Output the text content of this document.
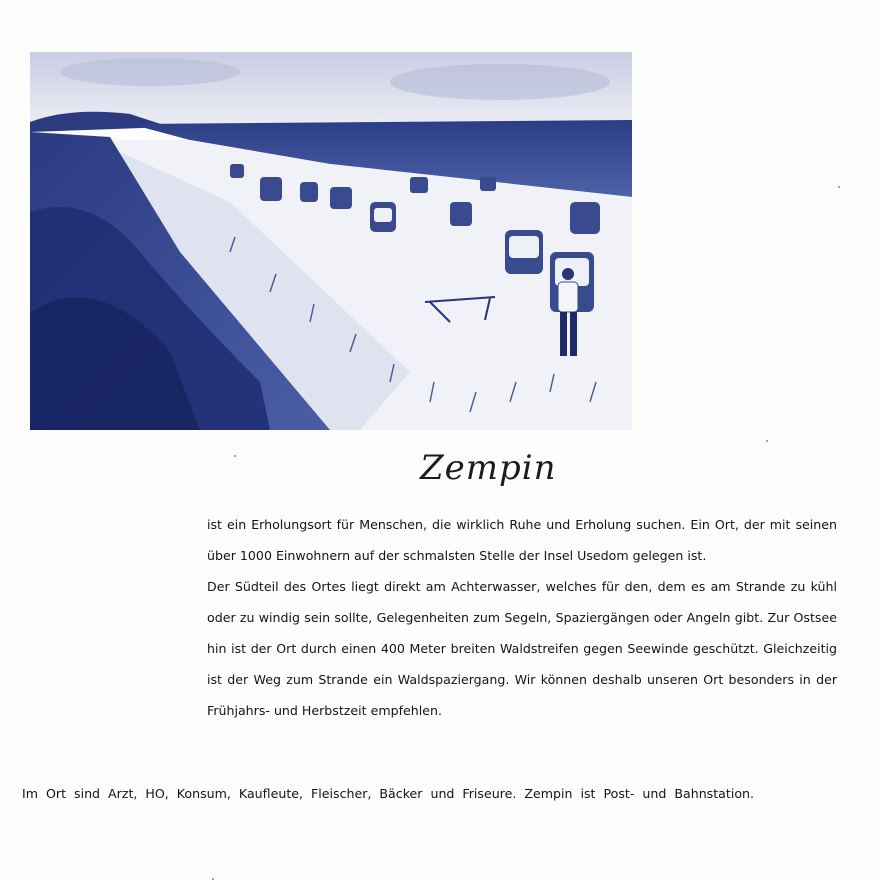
Zempin

ist ein Erholungsort für Menschen, die wirklich Ruhe und Erholung suchen. Ein Ort, der mit seinen über 1000 Einwohnern auf der schmalsten Stelle der Insel Usedom gelegen ist.

Der Südteil des Ortes liegt direkt am Achterwasser, welches für den, dem es am Strande zu kühl oder zu windig sein sollte, Gelegenheiten zum Segeln, Spaziergängen oder Angeln gibt. Zur Ostsee hin ist der Ort durch einen 400 Meter breiten Waldstreifen gegen Seewinde geschützt. Gleichzeitig ist der Weg zum Strande ein Waldspaziergang. Wir können deshalb unseren Ort besonders in der Frühjahrs- und Herbstzeit empfehlen.

Im Ort sind Arzt, HO, Konsum, Kaufleute, Fleischer, Bäcker und Friseure. Zempin ist Post- und Bahnstation.
